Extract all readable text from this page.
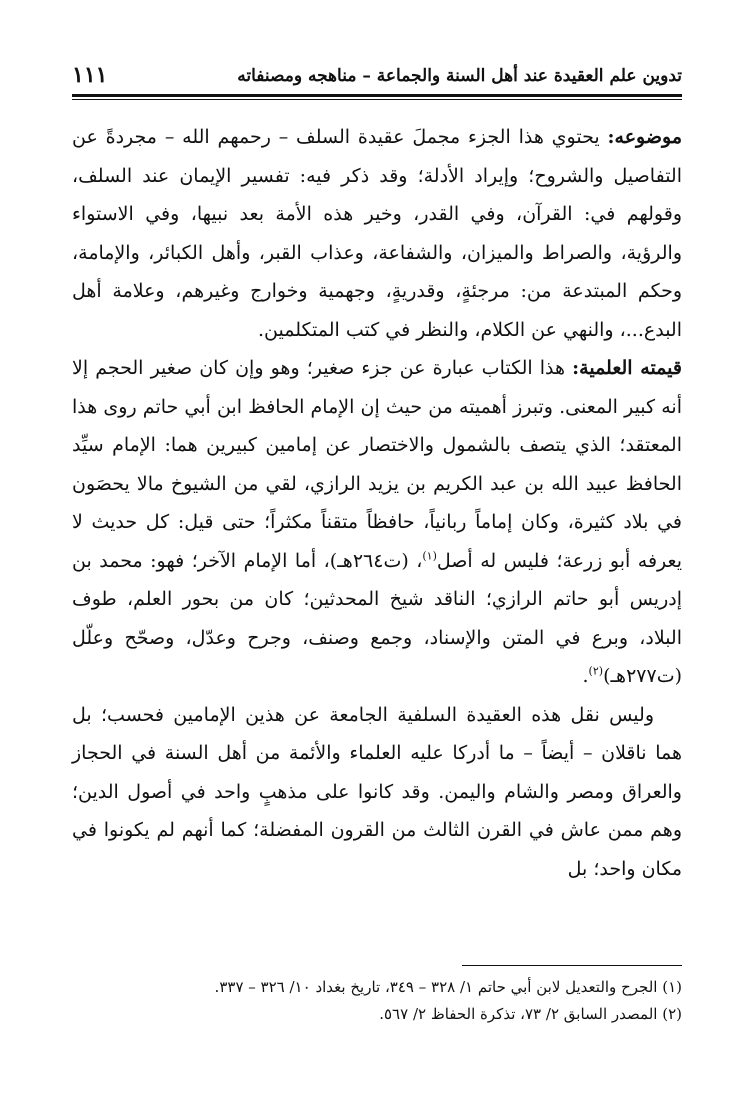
تدوين علم العقيدة عند أهل السنة والجماعة – مناهجه ومصنفاته
١١١

موضوعه: يحتوي هذا الجزء مجملَ عقيدة السلف – رحمهم الله – مجردةً عن التفاصيل والشروح؛ وإيراد الأدلة؛ وقد ذكر فيه: تفسير الإيمان عند السلف، وقولهم في: القرآن، وفي القدر، وخير هذه الأمة بعد نبيها، وفي الاستواء والرؤية، والصراط والميزان، والشفاعة، وعذاب القبر، وأهل الكبائر، والإمامة، وحكم المبتدعة من: مرجئةٍ، وقدريةٍ، وجهمية وخوارج وغيرهم، وعلامة أهل البدع...، والنهي عن الكلام، والنظر في كتب المتكلمين.

قيمته العلمية: هذا الكتاب عبارة عن جزء صغير؛ وهو وإن كان صغير الحجم إلا أنه كبير المعنى. وتبرز أهميته من حيث إن الإمام الحافظ ابن أبي حاتم روى هذا المعتقد؛ الذي يتصف بالشمول والاختصار عن إمامين كبيرين هما: الإمام سيِّد الحافظ عبيد الله بن عبد الكريم بن يزيد الرازي، لقي من الشيوخ مالا يحصَون في بلاد كثيرة، وكان إماماً ربانياً، حافظاً متقناً مكثراً؛ حتى قيل: كل حديث لا يعرفه أبو زرعة؛ فليس له أصل$^{(١)}$، (ت٢٦٤هـ)، أما الإمام الآخر؛ فهو: محمد بن إدريس أبو حاتم الرازي؛ الناقد شيخ المحدثين؛ كان من بحور العلم، طوف البلاد، وبرع في المتن والإسناد، وجمع وصنف، وجرح وعدّل، وصحّح وعلّل (ت٢٧٧هـ)$^{(٢)}$.

وليس نقل هذه العقيدة السلفية الجامعة عن هذين الإمامين فحسب؛ بل هما ناقلان – أيضاً – ما أدركا عليه العلماء والأئمة من أهل السنة في الحجاز والعراق ومصر والشام واليمن. وقد كانوا على مذهبٍ واحد في أصول الدين؛ وهم ممن عاش في القرن الثالث من القرون المفضلة؛ كما أنهم لم يكونوا في مكان واحد؛ بل

(١) الجرح والتعديل لابن أبي حاتم ١/ ٣٢٨ – ٣٤٩، تاريخ بغداد ١٠/ ٣٢٦ – ٣٣٧.

(٢) المصدر السابق ٢/ ٧٣، تذكرة الحفاظ ٢/ ٥٦٧.
